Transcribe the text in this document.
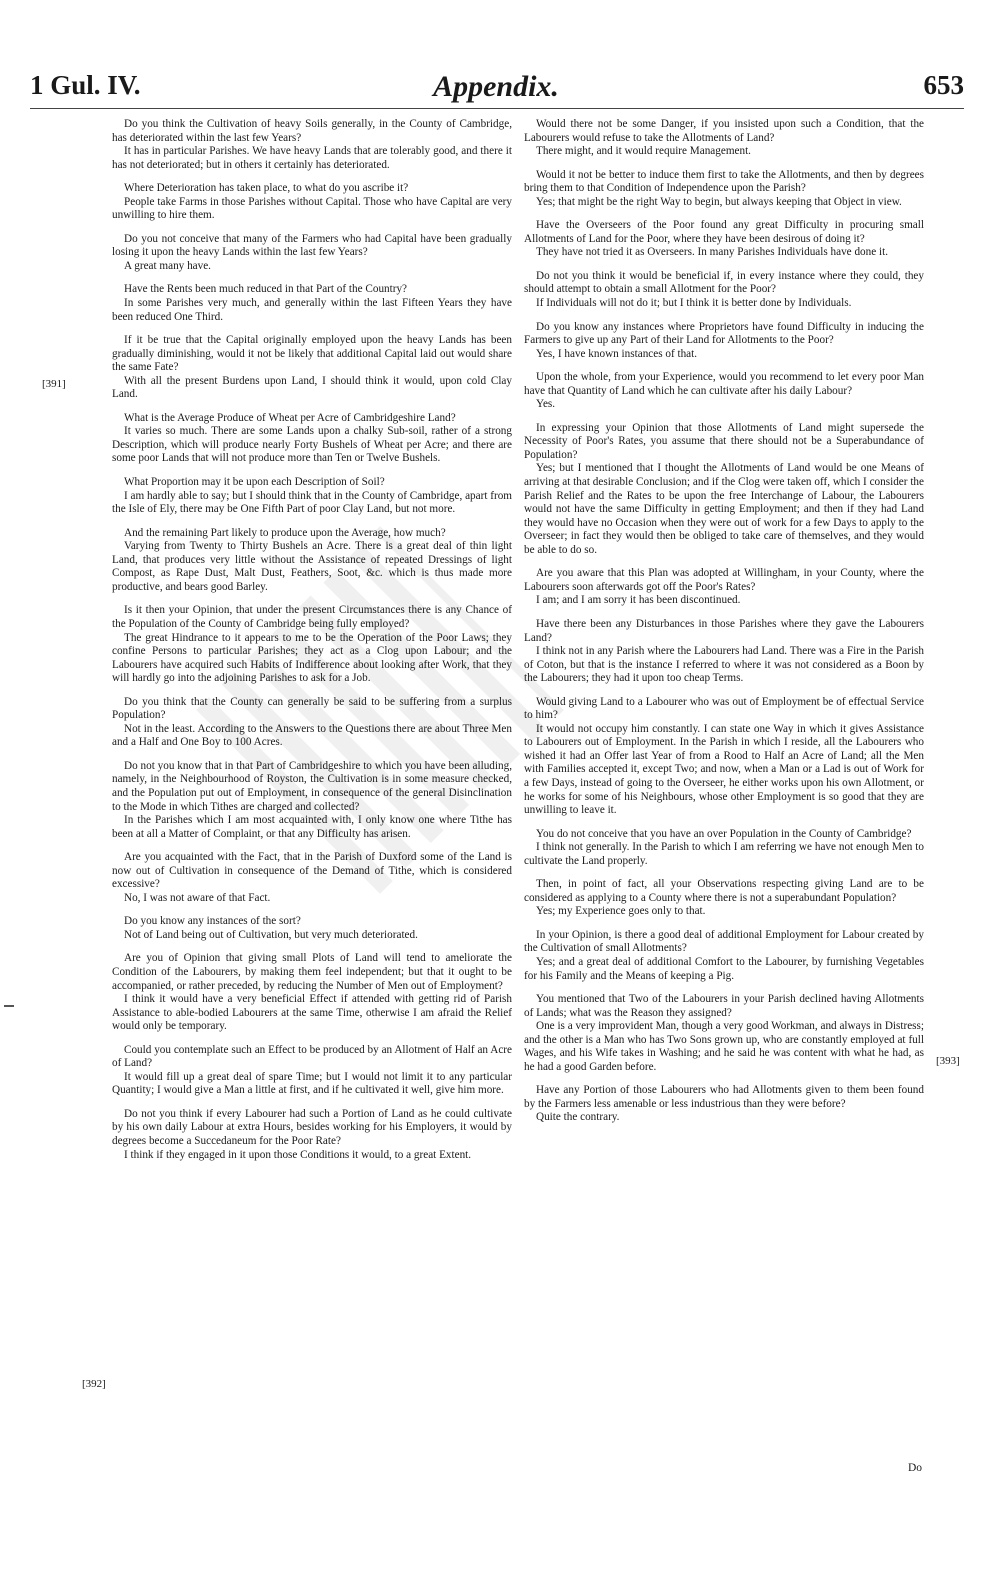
1 Gul. IV.	Appendix.	653
[391]
[392]
[393]

Do you think the Cultivation of heavy Soils generally, in the County of Cambridge, has deteriorated within the last few Years?

It has in particular Parishes. We have heavy Lands that are tolerably good, and there it has not deteriorated; but in others it certainly has deteriorated.

Where Deterioration has taken place, to what do you ascribe it?

People take Farms in those Parishes without Capital. Those who have Capital are very unwilling to hire them.

Do you not conceive that many of the Farmers who had Capital have been gradually losing it upon the heavy Lands within the last few Years?

A great many have.

Have the Rents been much reduced in that Part of the Country?

In some Parishes very much, and generally within the last Fifteen Years they have been reduced One Third.

If it be true that the Capital originally employed upon the heavy Lands has been gradually diminishing, would it not be likely that additional Capital laid out would share the same Fate?

With all the present Burdens upon Land, I should think it would, upon cold Clay Land.

What is the Average Produce of Wheat per Acre of Cambridgeshire Land?

It varies so much. There are some Lands upon a chalky Sub-soil, rather of a strong Description, which will produce nearly Forty Bushels of Wheat per Acre; and there are some poor Lands that will not produce more than Ten or Twelve Bushels.

What Proportion may it be upon each Description of Soil?

I am hardly able to say; but I should think that in the County of Cambridge, apart from the Isle of Ely, there may be One Fifth Part of poor Clay Land, but not more.

And the remaining Part likely to produce upon the Average, how much?

Varying from Twenty to Thirty Bushels an Acre. There is a great deal of thin light Land, that produces very little without the Assistance of repeated Dressings of light Compost, as Rape Dust, Malt Dust, Feathers, Soot, &c. which is thus made more productive, and bears good Barley.

Is it then your Opinion, that under the present Circumstances there is any Chance of the Population of the County of Cambridge being fully employed?

The great Hindrance to it appears to me to be the Operation of the Poor Laws; they confine Persons to particular Parishes; they act as a Clog upon Labour; and the Labourers have acquired such Habits of Indifference about looking after Work, that they will hardly go into the adjoining Parishes to ask for a Job.

Do you think that the County can generally be said to be suffering from a surplus Population?

Not in the least. According to the Answers to the Questions there are about Three Men and a Half and One Boy to 100 Acres.

Do not you know that in that Part of Cambridgeshire to which you have been alluding, namely, in the Neighbourhood of Royston, the Cultivation is in some measure checked, and the Population put out of Employment, in consequence of the general Disinclination to the Mode in which Tithes are charged and collected?

In the Parishes which I am most acquainted with, I only know one where Tithe has been at all a Matter of Complaint, or that any Difficulty has arisen.

Are you acquainted with the Fact, that in the Parish of Duxford some of the Land is now out of Cultivation in consequence of the Demand of Tithe, which is considered excessive?

No, I was not aware of that Fact.

Do you know any instances of the sort?

Not of Land being out of Cultivation, but very much deteriorated.

Are you of Opinion that giving small Plots of Land will tend to ameliorate the Condition of the Labourers, by making them feel independent; but that it ought to be accompanied, or rather preceded, by reducing the Number of Men out of Employment?

I think it would have a very beneficial Effect if attended with getting rid of Parish Assistance to able-bodied Labourers at the same Time, otherwise I am afraid the Relief would only be temporary.

Could you contemplate such an Effect to be produced by an Allotment of Half an Acre of Land?

It would fill up a great deal of spare Time; but I would not limit it to any particular Quantity; I would give a Man a little at first, and if he cultivated it well, give him more.

Do not you think if every Labourer had such a Portion of Land as he could cultivate by his own daily Labour at extra Hours, besides working for his Employers, it would by degrees become a Succedaneum for the Poor Rate?

I think if they engaged in it upon those Conditions it would, to a great Extent.

Would there not be some Danger, if you insisted upon such a Condition, that the Labourers would refuse to take the Allotments of Land?

There might, and it would require Management.

Would it not be better to induce them first to take the Allotments, and then by degrees bring them to that Condition of Independence upon the Parish?

Yes; that might be the right Way to begin, but always keeping that Object in view.

Have the Overseers of the Poor found any great Difficulty in procuring small Allotments of Land for the Poor, where they have been desirous of doing it?

They have not tried it as Overseers. In many Parishes Individuals have done it.

Do not you think it would be beneficial if, in every instance where they could, they should attempt to obtain a small Allotment for the Poor?

If Individuals will not do it; but I think it is better done by Individuals.

Do you know any instances where Proprietors have found Difficulty in inducing the Farmers to give up any Part of their Land for Allotments to the Poor?

Yes, I have known instances of that.

Upon the whole, from your Experience, would you recommend to let every poor Man have that Quantity of Land which he can cultivate after his daily Labour?

Yes.

In expressing your Opinion that those Allotments of Land might supersede the Necessity of Poor's Rates, you assume that there should not be a Superabundance of Population?

Yes; but I mentioned that I thought the Allotments of Land would be one Means of arriving at that desirable Conclusion; and if the Clog were taken off, which I consider the Parish Relief and the Rates to be upon the free Interchange of Labour, the Labourers would not have the same Difficulty in getting Employment; and then if they had Land they would have no Occasion when they were out of work for a few Days to apply to the Overseer; in fact they would then be obliged to take care of themselves, and they would be able to do so.

Are you aware that this Plan was adopted at Willingham, in your County, where the Labourers soon afterwards got off the Poor's Rates?

I am; and I am sorry it has been discontinued.

Have there been any Disturbances in those Parishes where they gave the Labourers Land?

I think not in any Parish where the Labourers had Land. There was a Fire in the Parish of Coton, but that is the instance I referred to where it was not considered as a Boon by the Labourers; they had it upon too cheap Terms.

Would giving Land to a Labourer who was out of Employment be of effectual Service to him?

It would not occupy him constantly. I can state one Way in which it gives Assistance to Labourers out of Employment. In the Parish in which I reside, all the Labourers who wished it had an Offer last Year of from a Rood to Half an Acre of Land; all the Men with Families accepted it, except Two; and now, when a Man or a Lad is out of Work for a few Days, instead of going to the Overseer, he either works upon his own Allotment, or he works for some of his Neighbours, whose other Employment is so good that they are unwilling to leave it.

You do not conceive that you have an over Population in the County of Cambridge?

I think not generally. In the Parish to which I am referring we have not enough Men to cultivate the Land properly.

Then, in point of fact, all your Observations respecting giving Land are to be considered as applying to a County where there is not a superabundant Population?

Yes; my Experience goes only to that.

In your Opinion, is there a good deal of additional Employment for Labour created by the Cultivation of small Allotments?

Yes; and a great deal of additional Comfort to the Labourer, by furnishing Vegetables for his Family and the Means of keeping a Pig.

You mentioned that Two of the Labourers in your Parish declined having Allotments of Lands; what was the Reason they assigned?

One is a very improvident Man, though a very good Workman, and always in Distress; and the other is a Man who has Two Sons grown up, who are constantly employed at full Wages, and his Wife takes in Washing; and he said he was content with what he had, as he had a good Garden before.

Have any Portion of those Labourers who had Allotments given to them been found by the Farmers less amenable or less industrious than they were before?

Quite the contrary.

Do
